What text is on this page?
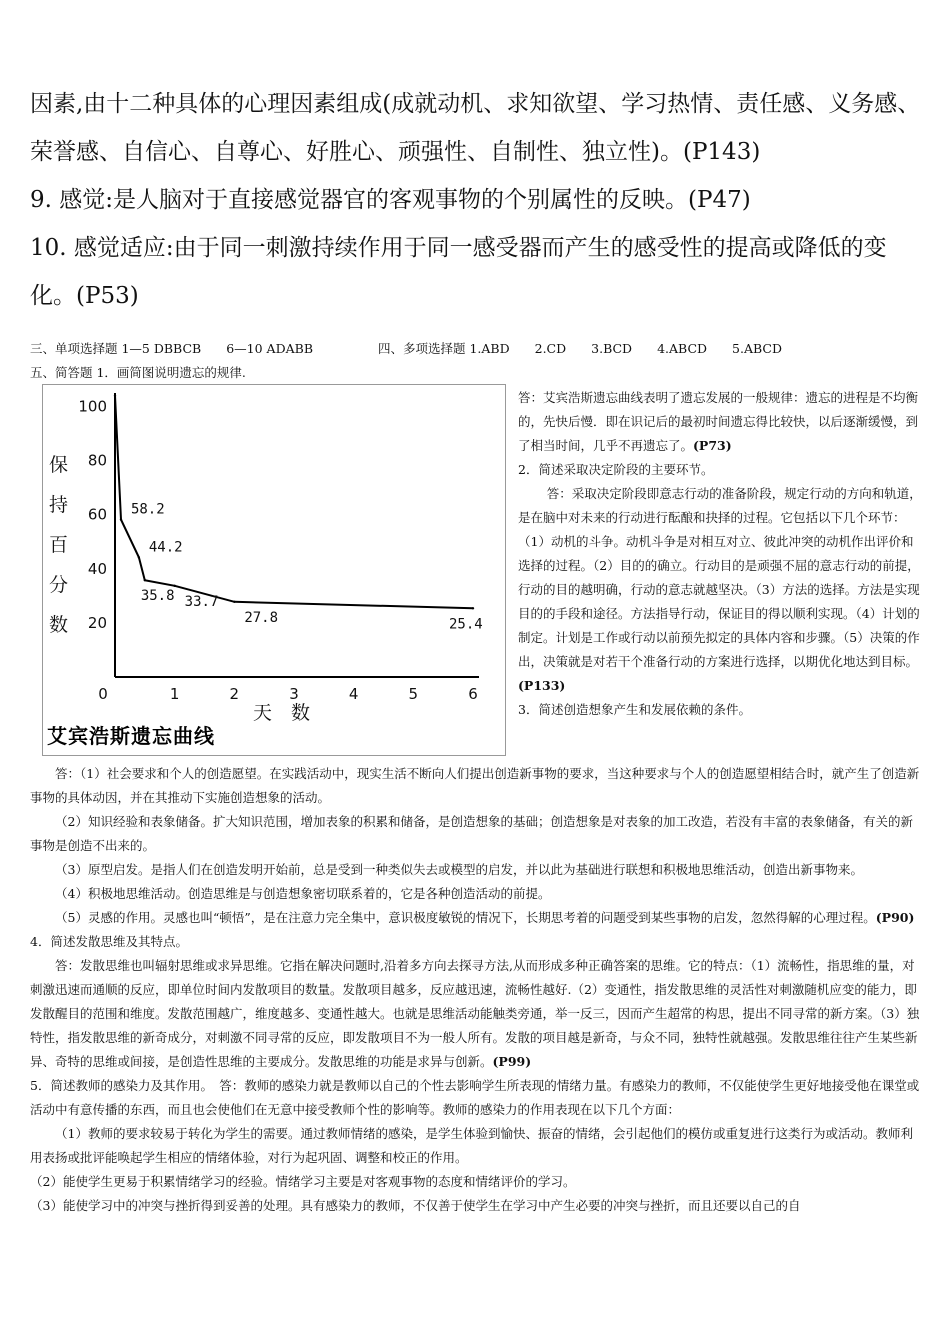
因素,由十二种具体的心理因素组成(成就动机、求知欲望、学习热情、责任感、义务感、荣誉感、自信心、自尊心、好胜心、顽强性、自制性、独立性)。(P143)

9. 感觉:是人脑对于直接感觉器官的客观事物的个别属性的反映。(P47)

10. 感觉适应:由于同一刺激持续作用于同一感受器而产生的感受性的提高或降低的变化。(P53)

三、单项选择题 1—5 DBBCB　　6—10 ADABB	四、多项选择题 1.ABD　　2.CD　　3.BCD　　4.ABCD　　5.ABCD

五、简答题 1．画简图说明遗忘的规律.

20
40
60
80
100
0	1	2	3	4	5	6
58.2
44.2
35.8 33.7
27.8	25.4
保
持
百
分
数
天　数
艾宾浩斯遗忘曲线

答：艾宾浩斯遗忘曲线表明了遗忘发展的一般规律：遗忘的进程是不均衡的，先快后慢．即在识记后的最初时间遗忘得比较快，以后逐渐缓慢，到了相当时间，几乎不再遗忘了。(P73)

2．简述采取决定阶段的主要环节。

答：采取决定阶段即意志行动的准备阶段，规定行动的方向和轨道，是在脑中对未来的行动进行酝酿和抉择的过程。它包括以下几个环节：（1）动机的斗争。动机斗争是对相互对立、彼此冲突的动机作出评价和选择的过程。（2）目的的确立。行动目的是顽强不屈的意志行动的前提，行动的目的越明确，行动的意志就越坚决。（3）方法的选择。方法是实现目的的手段和途径。方法指导行动，保证目的得以顺利实现。（4）计划的制定。计划是工作或行动以前预先拟定的具体内容和步骤。（5）决策的作出，决策就是对若干个准备行动的方案进行选择，以期优化地达到目标。(P133)

3．简述创造想象产生和发展依赖的条件。

答：（1）社会要求和个人的创造愿望。在实践活动中，现实生活不断向人们提出创造新事物的要求，当这种要求与个人的创造愿望相结合时，就产生了创造新事物的具体动因，并在其推动下实施创造想象的活动。

（2）知识经验和表象储备。扩大知识范围，增加表象的积累和储备，是创造想象的基础；创造想象是对表象的加工改造，若没有丰富的表象储备，有关的新事物是创造不出来的。

（3）原型启发。是指人们在创造发明开始前，总是受到一种类似失去或模型的启发，并以此为基础进行联想和积极地思维活动，创造出新事物来。

（4）积极地思维活动。创造思维是与创造想象密切联系着的，它是各种创造活动的前提。

（5）灵感的作用。灵感也叫“顿悟”，是在注意力完全集中，意识极度敏锐的情况下，长期思考着的问题受到某些事物的启发，忽然得解的心理过程。(P90)

4．简述发散思维及其特点。

答：发散思维也叫辐射思维或求异思维。它指在解决问题时,沿着多方向去探寻方法,从而形成多种正确答案的思维。它的特点：（1）流畅性，指思维的量，对刺激迅速而通顺的反应，即单位时间内发散项目的数量。发散项目越多，反应越迅速，流畅性越好.（2）变通性，指发散思维的灵活性对刺激随机应变的能力，即发散醒目的范围和维度。发散范围越广，维度越多、变通性越大。也就是思维活动能触类旁通，举一反三，因而产生超常的构思，提出不同寻常的新方案。（3）独特性，指发散思维的新奇成分，对刺激不同寻常的反应，即发散项目不为一般人所有。发散的项目越是新奇，与众不同，独特性就越强。发散思维往往产生某些新异、奇特的思维或间接，是创造性思维的主要成分。发散思维的功能是求异与创新。(P99)

5．简述教师的感染力及其作用。　答：教师的感染力就是教师以自己的个性去影响学生所表现的情绪力量。有感染力的教师，不仅能使学生更好地接受他在课堂或活动中有意传播的东西，而且也会使他们在无意中接受教师个性的影响等。教师的感染力的作用表现在以下几个方面：

（1）教师的要求较易于转化为学生的需要。通过教师情绪的感染，是学生体验到愉快、振奋的情绪，会引起他们的模仿或重复进行这类行为或活动。教师利用表扬或批评能唤起学生相应的情绪体验，对行为起巩固、调整和校正的作用。

（2）能使学生更易于积累情绪学习的经验。情绪学习主要是对客观事物的态度和情绪评价的学习。

（3）能使学习中的冲突与挫折得到妥善的处理。具有感染力的教师，不仅善于使学生在学习中产生必要的冲突与挫折，而且还要以自己的自
